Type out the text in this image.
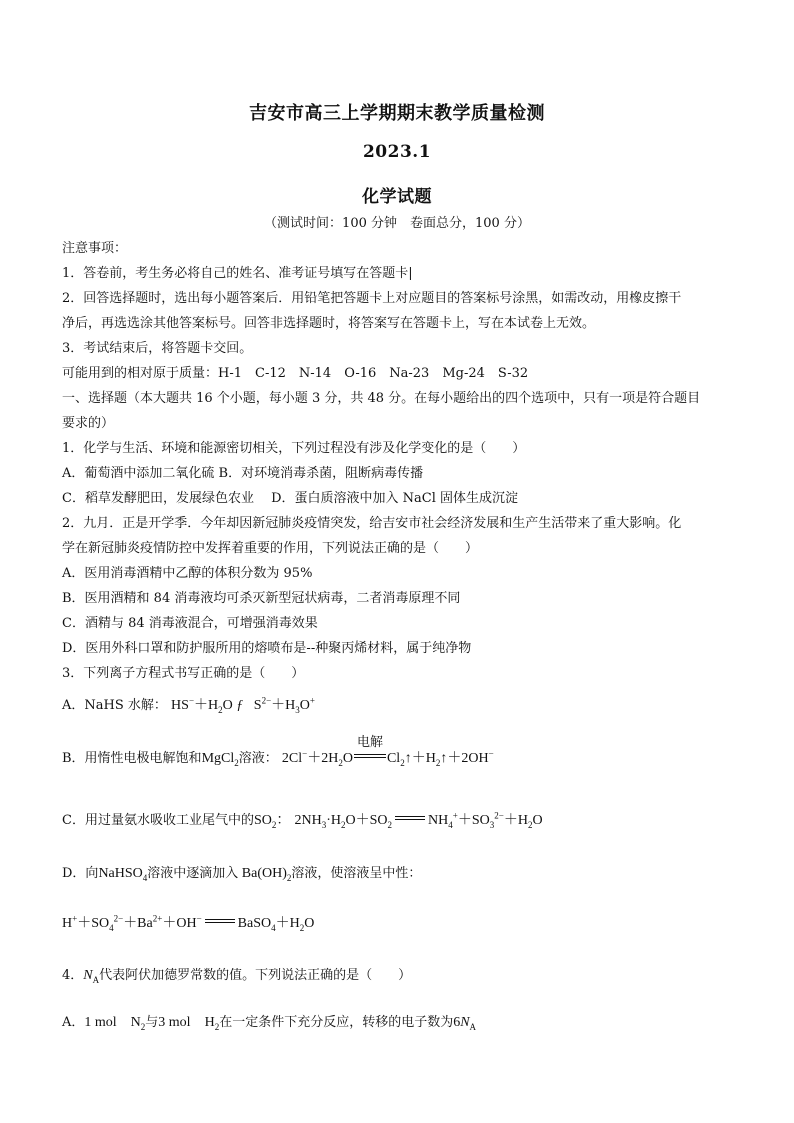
吉安市高三上学期期末教学质量检测
2023.1
化学试题
（测试时间：100 分钟　卷面总分，100 分）
注意事项：
1．答卷前，考生务必将自己的姓名、准考证号填写在答题卡|
2．回答选择题时，选出每小题答案后．用铅笔把答题卡上对应题目的答案标号涂黑，如需改动，用橡皮擦干
净后，再选选涂其他答案标号。回答非选择题时，将答案写在答题卡上，写在本试卷上无效。
3．考试结束后，将答题卡交回。
可能用到的相对原于质量：H-1　C-12　N-14　O-16　Na-23　Mg-24　S-32
一、选择题（本大题共 16 个小题，每小题 3 分，共 48 分。在每小题给出的四个选项中，只有一项是符合题目
要求的）
1．化学与生活、环境和能源密切相关，下列过程没有涉及化学变化的是（　　）
A．葡萄酒中添加二氧化硫 B．对环境消毒杀菌，阻断病毒传播
C．稻草发酵肥田，发展绿色农业　 D．蛋白质溶液中加入 NaCl 固体生成沉淀
2．九月．正是开学季．今年却因新冠肺炎疫情突发，给吉安市社会经济发展和生产生活带来了重大影响。化
学在新冠肺炎疫情防控中发挥着重要的作用，下列说法正确的是（　　）
A．医用消毒酒精中乙醇的体积分数为 95%
B．医用酒精和 84 消毒液均可杀灭新型冠状病毒，二者消毒原理不同
C．酒精与 84 消毒液混合，可增强消毒效果
D．医用外科口罩和防护服所用的熔喷布是--种聚丙烯材料，属于纯净物
3．下列离子方程式书写正确的是（　　）
A．NaHS 水解： $HS^-+H_2O$ ƒ   $S^{2-}+H_3O^+$
B．用惰性电极电解饱和MgCl$_2$溶液： $2Cl^-+2H_2O$
电解
$Cl_2↑+H_2↑+2OH^-$
C．用过量氨水吸收工业尾气中的$SO_2$： $2NH_3\cdot H_2O+SO_2$	$NH_4^++SO_3^{2-}+H_2O$
D．向NaHSO$_4$溶液中逐滴加入 $Ba(OH)_2$溶液，使溶液呈中性：
$H^++SO_4^{2-}+Ba^{2+}+OH^-$	$BaSO_4+H_2O$
4．$N_A$代表阿伏加德罗常数的值。下列说法正确的是（　　）
A．1 mol　$N_2$与3 mol　$H_2$在一定条件下充分反应，转移的电子数为$6N_A$
